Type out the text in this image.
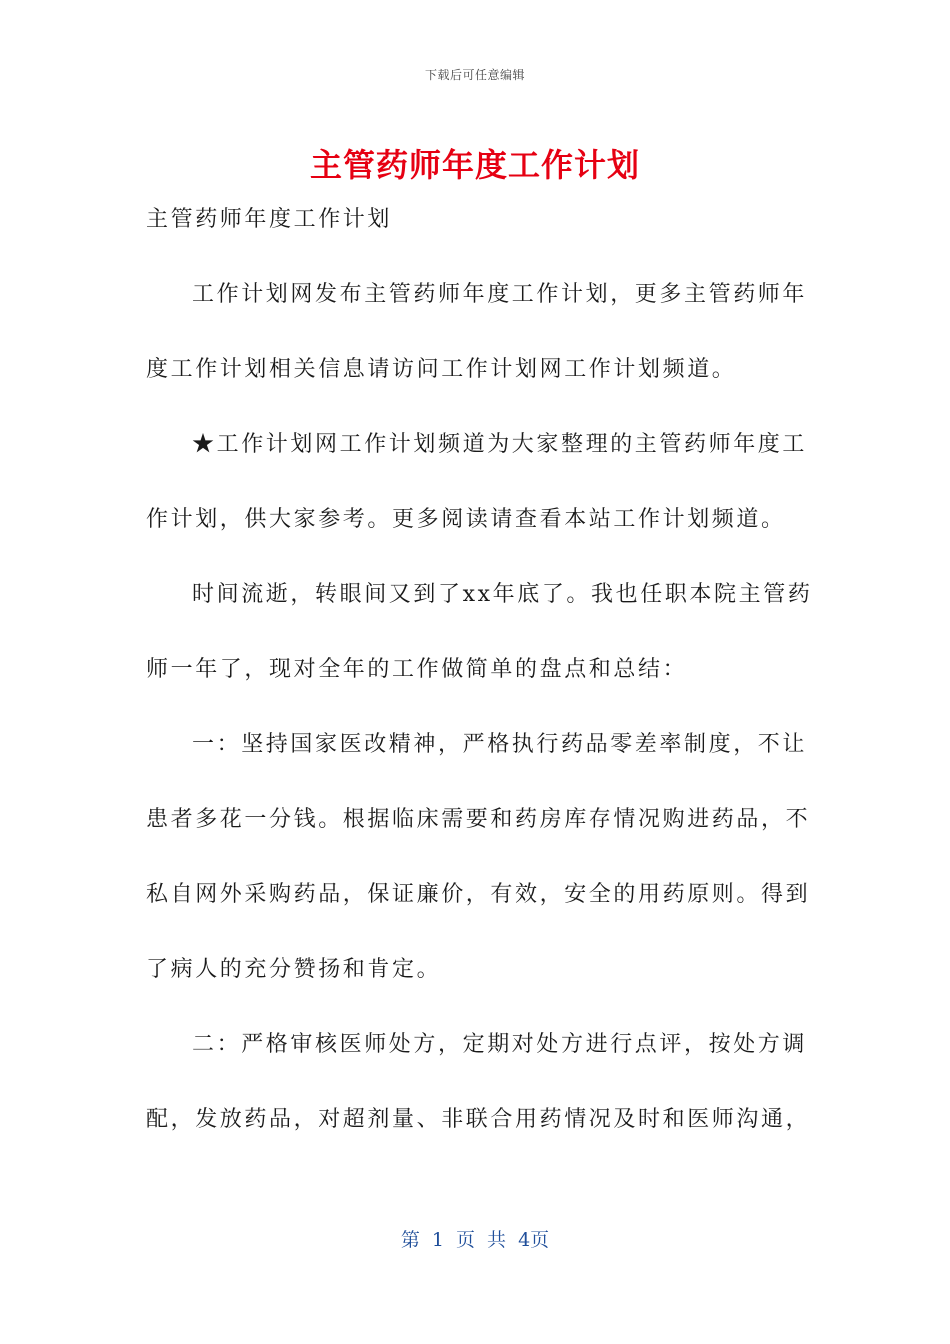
下载后可任意编辑
主管药师年度工作计划
主管药师年度工作计划
工作计划网发布主管药师年度工作计划，更多主管药师年
度工作计划相关信息请访问工作计划网工作计划频道。
★工作计划网工作计划频道为大家整理的主管药师年度工
作计划，供大家参考。更多阅读请查看本站工作计划频道。
时间流逝，转眼间又到了xx年底了。我也任职本院主管药
师一年了，现对全年的工作做简单的盘点和总结：
一：坚持国家医改精神，严格执行药品零差率制度，不让
患者多花一分钱。根据临床需要和药房库存情况购进药品，不
私自网外采购药品，保证廉价，有效，安全的用药原则。得到
了病人的充分赞扬和肯定。
二：严格审核医师处方，定期对处方进行点评，按处方调
配，发放药品，对超剂量、非联合用药情况及时和医师沟通，
第 1 页 共 4页
